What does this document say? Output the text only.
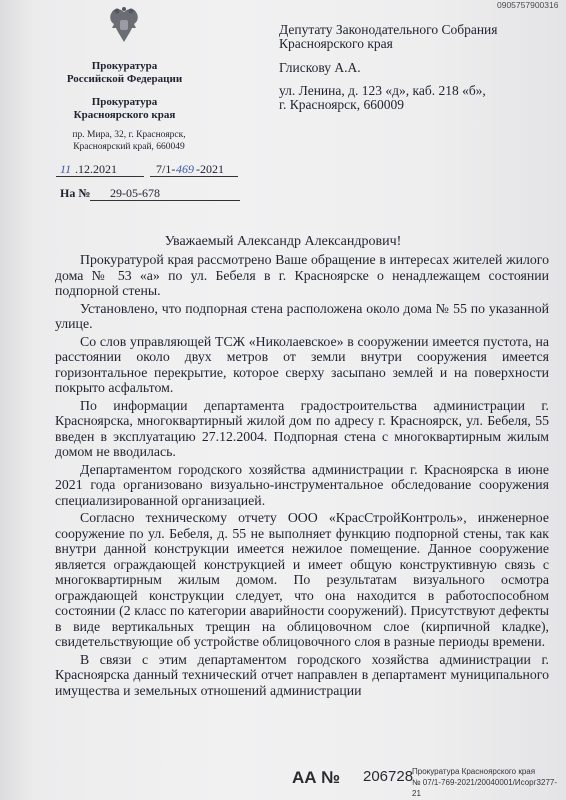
0905757900316
Прокуратура
Российской Федерации
Прокуратура
Красноярского края
пр. Мира, 32, г. Красноярск,
Красноярский край, 660049
11 .12.2021	7/1- 469 -2021
На № 29-05-678
Депутату Законодательного Собрания
Красноярского края
Глискову А.А.
ул. Ленина, д. 123 «д», каб. 218 «б»,
г. Красноярск, 660009
Уважаемый Александр Александрович!

Прокуратурой края рассмотрено Ваше обращение в интересах жителей жилого дома № 53 «а» по ул. Бебеля в г. Красноярске о ненадлежащем состоянии подпорной стены.

Установлено, что подпорная стена расположена около дома № 55 по указанной улице.

Со слов управляющей ТСЖ «Николаевское» в сооружении имеется пустота, на расстоянии около двух метров от земли внутри сооружения имеется горизонтальное перекрытие, которое сверху засыпано землей и на поверхности покрыто асфальтом.

По информации департамента градостроительства администрации г. Красноярска, многоквартирный жилой дом по адресу г. Красноярск, ул. Бебеля, 55 введен в эксплуатацию 27.12.2004. Подпорная стена с многоквартирным жилым домом не вводилась.

Департаментом городского хозяйства администрации г. Красноярска в июне 2021 года организовано визуально-инструментальное обследование сооружения специализированной организацией.

Согласно техническому отчету ООО «КрасСтройКонтроль», инженерное сооружение по ул. Бебеля, д. 55 не выполняет функцию подпорной стены, так как внутри данной конструкции имеется нежилое помещение. Данное сооружение является ограждающей конструкцией и имеет общую конструктивную связь с многоквартирным жилым домом. По результатам визуального осмотра ограждающей конструкции следует, что она находится в работоспособном состоянии (2 класс по категории аварийности сооружений). Присутствуют дефекты в виде вертикальных трещин на облицовочном слое (кирпичной кладке), свидетельствующие об устройстве облицовочного слоя в разные периоды времени.

В связи с этим департаментом городского хозяйства администрации г. Красноярска данный технический отчет направлен в департамент муниципального имущества и земельных отношений администрации

АА № 206728
Прокуратура Красноярского края
№ 07/1-769-2021/20040001/Исорг3277-21
